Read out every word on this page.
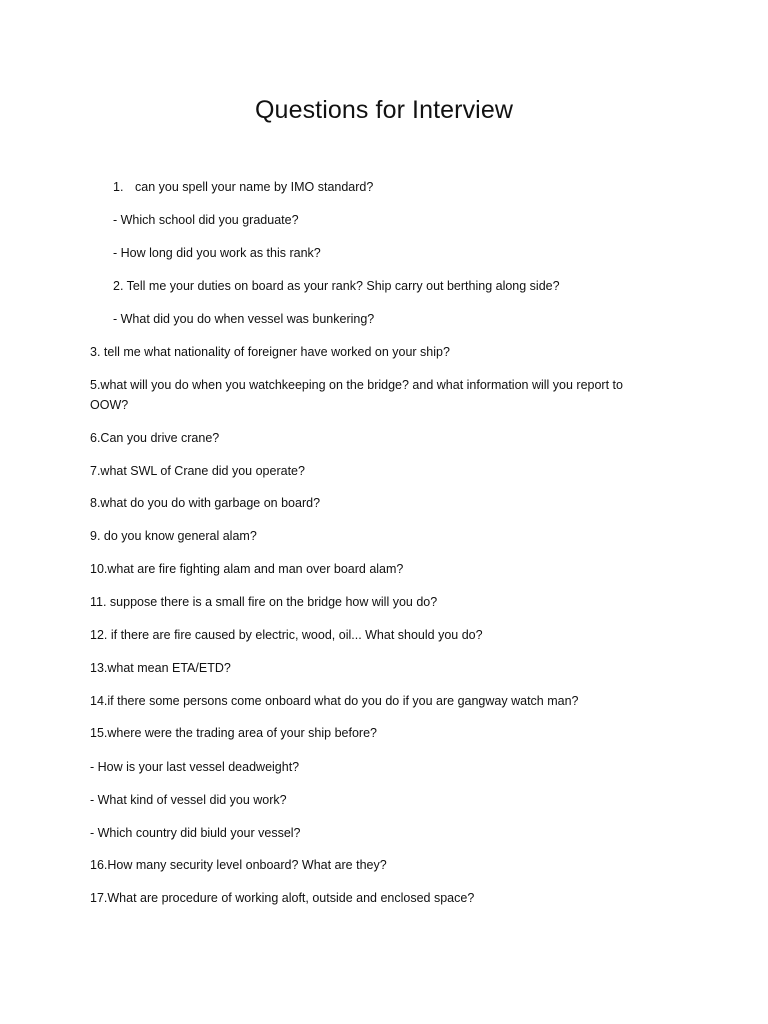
Questions for Interview
1. can you spell your name by IMO standard?
- Which school did you graduate?
- How long did you work as this rank?
2. Tell me your duties on board as your rank? Ship carry out berthing along side?
- What did you do when vessel was bunkering?
3. tell me what nationality of foreigner have worked on your ship?
5.what will you do when you watchkeeping on the bridge? and what information will you report to OOW?
6.Can you drive crane?
7.what SWL of Crane did you operate?
8.what do you do with garbage on board?
9. do you know general alam?
10.what are fire fighting alam and man over board alam?
11. suppose there is a small fire on the bridge how will you do?
12. if there are fire caused by electric, wood, oil... What should you do?
13.what mean ETA/ETD?
14.if there some persons come onboard what do you do if you are gangway watch man?
15.where were the trading area of your ship before?
- How is your last vessel deadweight?
- What kind of vessel did you work?
- Which country did biuld your vessel?
16.How many security level onboard? What are they?
17.What are procedure of working aloft, outside and enclosed space?
